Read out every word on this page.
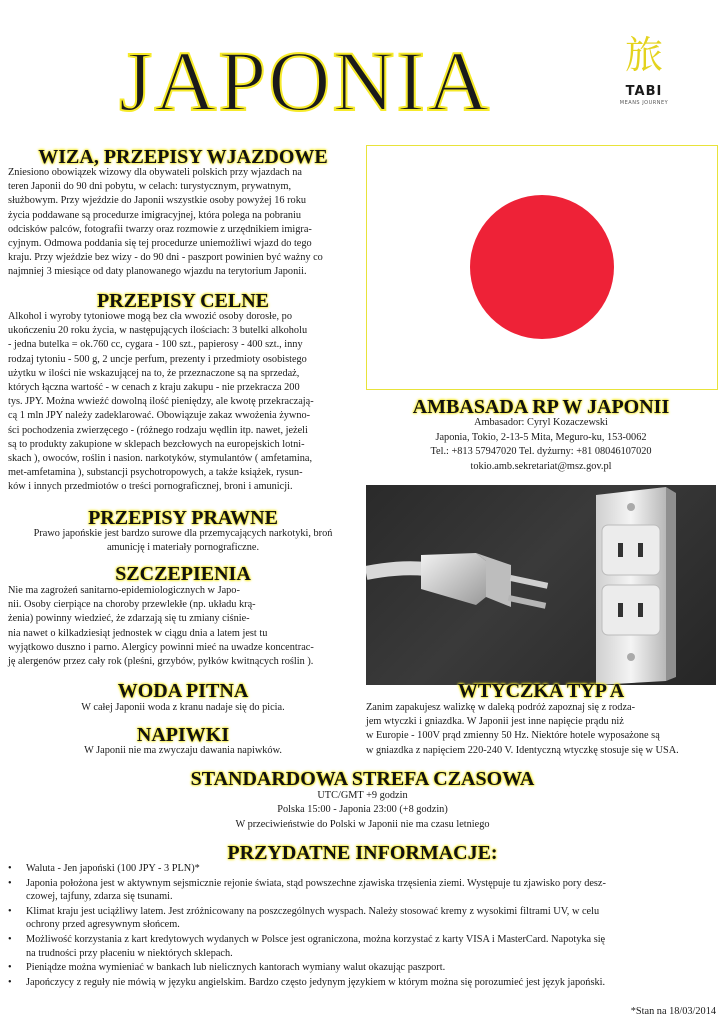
JAPONIA	旅
TABI
MEANS JOURNEY
WIZA, PRZEPISY WJAZDOWE
Zniesiono obowiązek wizowy dla obywateli polskich przy wjazdach na
teren Japonii do 90 dni pobytu, w celach: turystycznym, prywatnym,
służbowym. Przy wjeździe do Japonii wszystkie osoby powyżej 16 roku
życia poddawane są procedurze imigracyjnej, która polega na pobraniu
odcisków palców, fotografii twarzy oraz rozmowie z urzędnikiem imigra-
cyjnym. Odmowa poddania się tej procedurze uniemożliwi wjazd do tego
kraju. Przy wjeździe bez wizy - do 90 dni - paszport powinien być ważny co
najmniej 3 miesiące od daty planowanego wjazdu na terytorium Japonii.
PRZEPISY CELNE
Alkohol i wyroby tytoniowe mogą bez cła wwozić osoby dorosłe, po
ukończeniu 20 roku życia, w następujących ilościach: 3 butelki alkoholu
- jedna butelka = ok.760 cc, cygara - 100 szt., papierosy - 400 szt., inny
rodzaj tytoniu - 500 g, 2 uncje perfum, prezenty i przedmioty osobistego
użytku w ilości nie wskazującej na to, że przeznaczone są na sprzedaż,
których łączna wartość - w cenach z kraju zakupu - nie przekracza 200
tys. JPY. Można wwieźć dowolną ilość pieniędzy, ale kwotę przekraczają-
cą 1 mln JPY należy zadeklarować. Obowiązuje zakaz wwożenia żywno-
ści pochodzenia zwierzęcego - (różnego rodzaju wędlin itp. nawet, jeżeli
są to produkty zakupione w sklepach bezcłowych na europejskich lotni-
skach ), owoców, roślin i nasion. narkotyków, stymulantów ( amfetamina,
met-amfetamina ), substancji psychotropowych, a także książek, rysun-
ków i innych przedmiotów o treści pornograficznej, broni i amunicji.
PRZEPISY PRAWNE
Prawo japońskie jest bardzo surowe dla przemycających narkotyki, broń
amunicję i materiały pornograficzne.
SZCZEPIENIA
Nie ma zagrożeń sanitarno-epidemiologicznych w Japo-
nii. Osoby cierpiące na choroby przewlekłe (np. układu krą-
żenia) powinny wiedzieć, że zdarzają się tu zmiany ciśnie-
nia nawet o kilkadziesiąt jednostek w ciągu dnia a latem jest tu
wyjątkowo duszno i parno. Alergicy powinni mieć na uwadze koncentrac-
ję alergenów przez cały rok (pleśni, grzybów, pyłków kwitnących roślin ).
WODA PITNA
W całej Japonii woda z kranu nadaje się do picia.
NAPIWKI
W Japonii nie ma zwyczaju dawania napiwków.
AMBASADA RP W JAPONII
Ambasador: Cyryl Kozaczewski
Japonia, Tokio, 2-13-5 Mita, Meguro-ku, 153-0062
Tel.: +813 57947020 Tel. dyżurny: +81 08046107020
tokio.amb.sekretariat@msz.gov.pl
WTYCZKA TYP A
Zanim zapakujesz walizkę w daleką podróż zapoznaj się z rodza-
jem wtyczki i gniazdka. W Japonii jest inne napięcie prądu niż
w Europie - 100V prąd zmienny 50 Hz. Niektóre hotele wyposażone są
w gniazdka z napięciem 220-240 V. Identyczną wtyczkę stosuje się w USA.
STANDARDOWA STREFA CZASOWA
UTC/GMT +9 godzin
Polska 15:00 - Japonia 23:00 (+8 godzin)
W przeciwieństwie do Polski w Japonii nie ma czasu letniego
PRZYDATNE INFORMACJE:
• Waluta - Jen japoński (100 JPY - 3 PLN)*
• Japonia położona jest w aktywnym sejsmicznie rejonie świata, stąd powszechne zjawiska trzęsienia ziemi. Występuje tu zjawisko pory desz-
czowej, tajfuny, zdarza się tsunami.
• Klimat kraju jest uciążliwy latem. Jest zróżnicowany na poszczególnych wyspach. Należy stosować kremy z wysokimi filtrami UV, w celu
ochrony przed agresywnym słońcem.
• Możliwość korzystania z kart kredytowych wydanych w Polsce jest ograniczona, można korzystać z karty VISA i MasterCard. Napotyka się
na trudności przy płaceniu w niektórych sklepach.
• Pieniądze można wymieniać w bankach lub nielicznych kantorach wymiany walut okazując paszport.
• Japończycy z reguły nie mówią w języku angielskim. Bardzo często jedynym językiem w którym można się porozumieć jest język japoński.
*Stan na 18/03/2014
